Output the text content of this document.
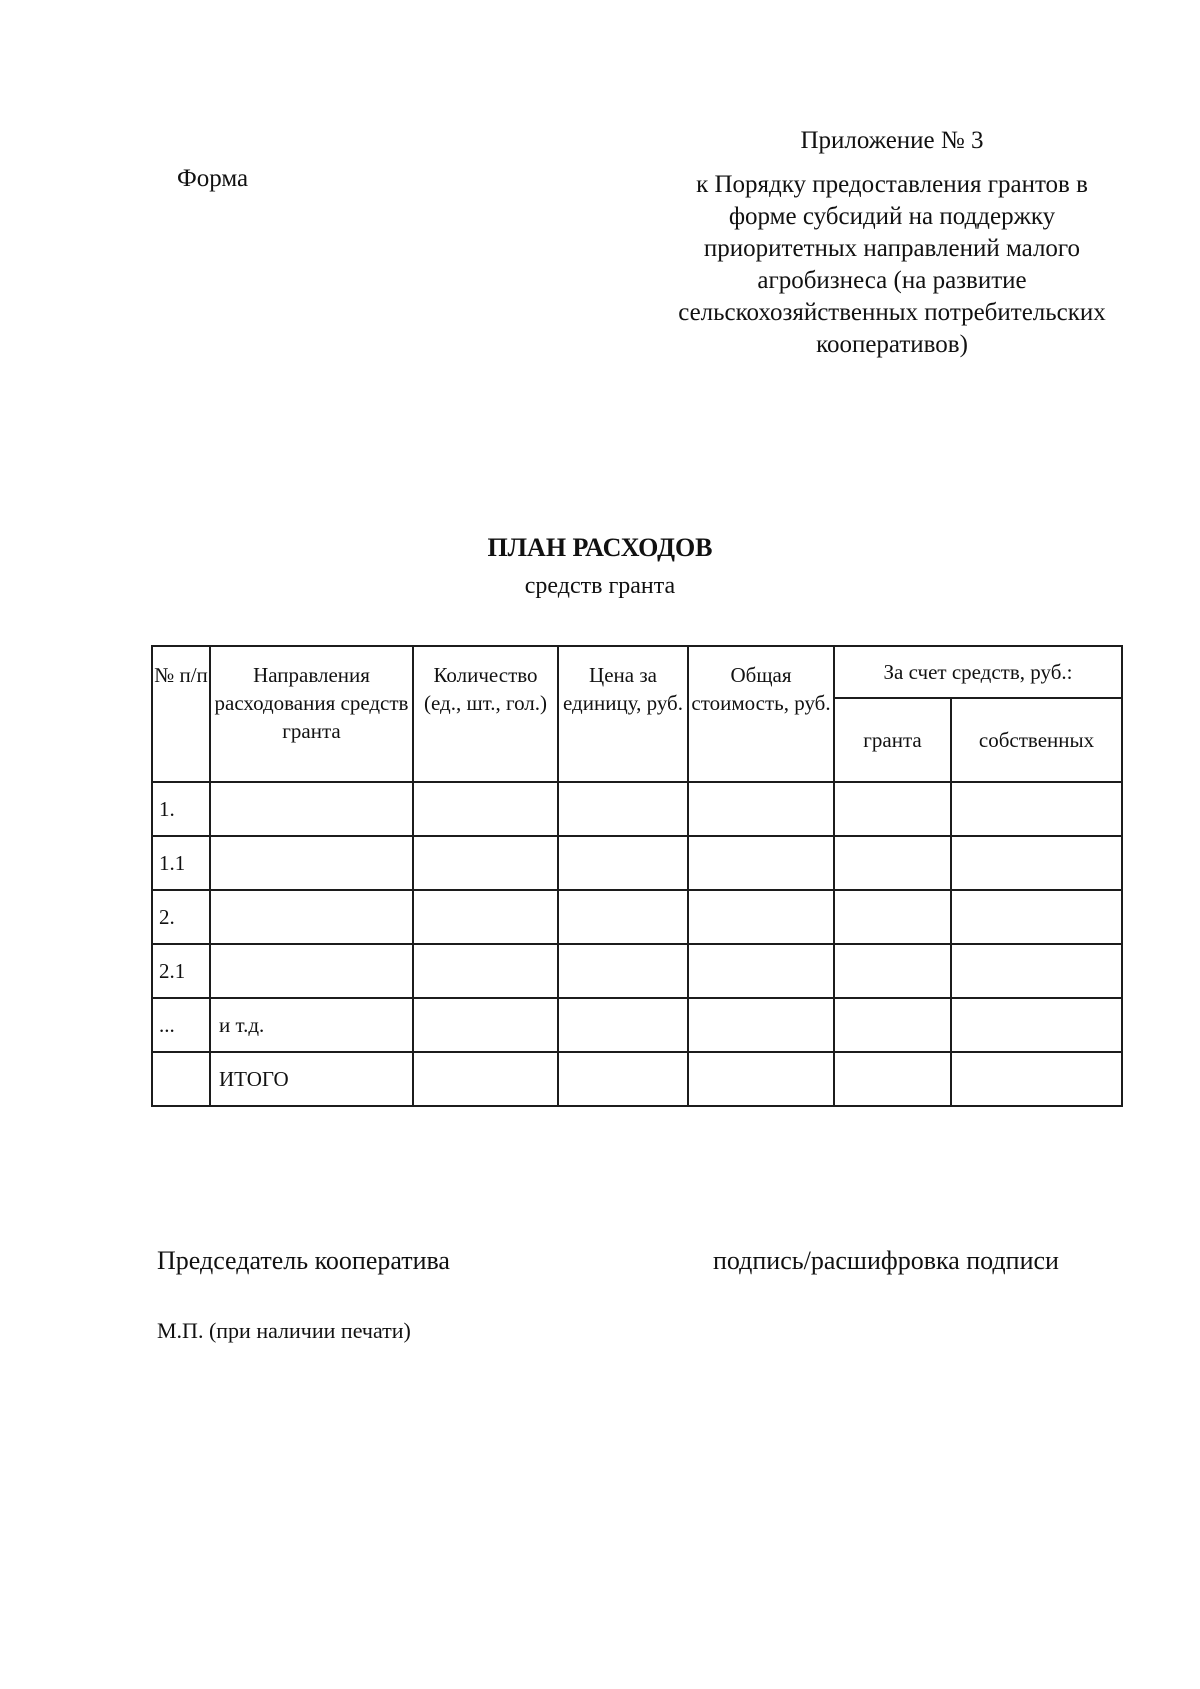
Форма
Приложение № 3
к Порядку предоставления грантов в форме субсидий на поддержку приоритетных направлений малого агробизнеса (на развитие сельскохозяйственных потребительских кооперативов)
ПЛАН РАСХОДОВ
средств гранта
№ п/п	Направления расходования средств гранта	Количество (ед., шт., гол.)	Цена за единицу, руб.	Общая стоимость, руб.	За счет средств, руб.:	
					гранта	собственных
1.						
1.1						
2.						
2.1						
...	и т.д.					
	ИТОГО					
Председатель кооператива	подпись/расшифровка подписи
М.П. (при наличии печати)
